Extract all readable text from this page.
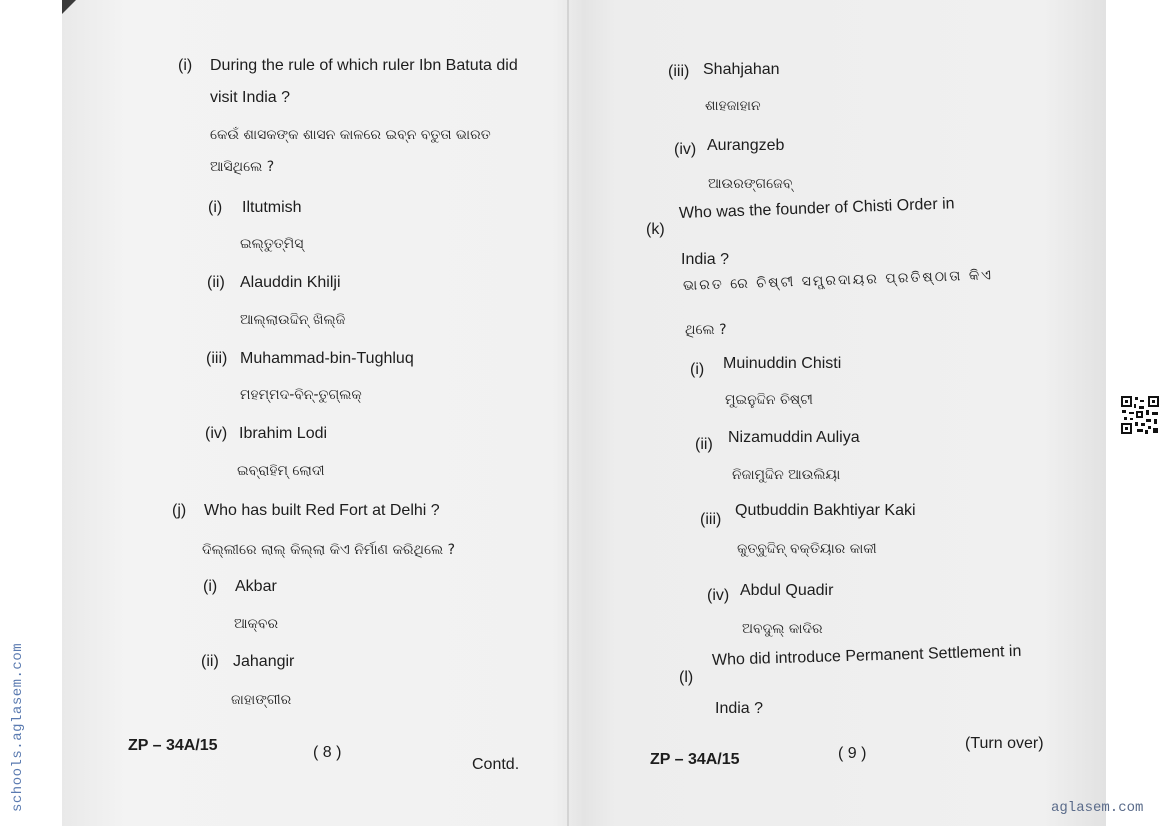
(i) During the rule of which ruler Ibn Batuta did
visit India ?
କେଉଁ ଶାସକଙ୍କ ଶାସନ କାଳରେ ଇବ୍ନ ବତୁତା ଭାରତ
ଆସିଥିଲେ ?
(i) Iltutmish
ଇଲ୍‌ତୁତ୍‌ମିସ୍
(ii) Alauddin Khilji
ଆଲ୍ଲାଉଦ୍ଦିନ୍ ଖିଲ୍‌ଜି
(iii) Muhammad-bin-Tughluq
ମହମ୍ମଦ-ବିନ୍-ତୁଗ୍‌ଲକ୍
(iv) Ibrahim Lodi
ଇବ୍ରାହିମ୍ ଲୋଦୀ
(j) Who has built Red Fort at Delhi ?
ଦିଲ୍ଲୀରେ ଲାଲ୍ କିଲ୍ଲା କିଏ ନିର୍ମାଣ କରିଥିଲେ ?
(i) Akbar
ଆକ୍‌ବର
(ii) Jahangir
ଜାହାଙ୍ଗୀର
ZP – 34A/15	( 8 )
Contd.
(iii) Shahjahan
ଶାହଜାହାନ
(iv) Aurangzeb
ଆଉରଙ୍ଗଜେବ୍
(k)
Who was the founder of Chisti Order in
India ?
ଭାରତ ରେ ଚିଷ୍ଟୀ ସମ୍ପ୍ରଦାୟର ପ୍ରତିଷ୍ଠାତା କିଏ
ଥିଲେ ?
(i) Muinuddin Chisti
ମୁଇନୁଦ୍ଦିନ ଚିଷ୍ଟୀ
(ii) Nizamuddin Auliya
ନିଜାମୁଦ୍ଦିନ ଆଉଲିୟା
(iii)
Qutbuddin Bakhtiyar Kaki
କୁତ୍‌ବୁଦ୍ଦିନ୍ ବକ୍ତିୟାର କାକୀ
(iv) Abdul Quadir
ଅବଦୁଲ୍ କାଦିର
(l)
Who did introduce Permanent Settlement in
India ?
ZP – 34A/15	( 9 )
(Turn over)
schools.aglasem.com	aglasem.com
